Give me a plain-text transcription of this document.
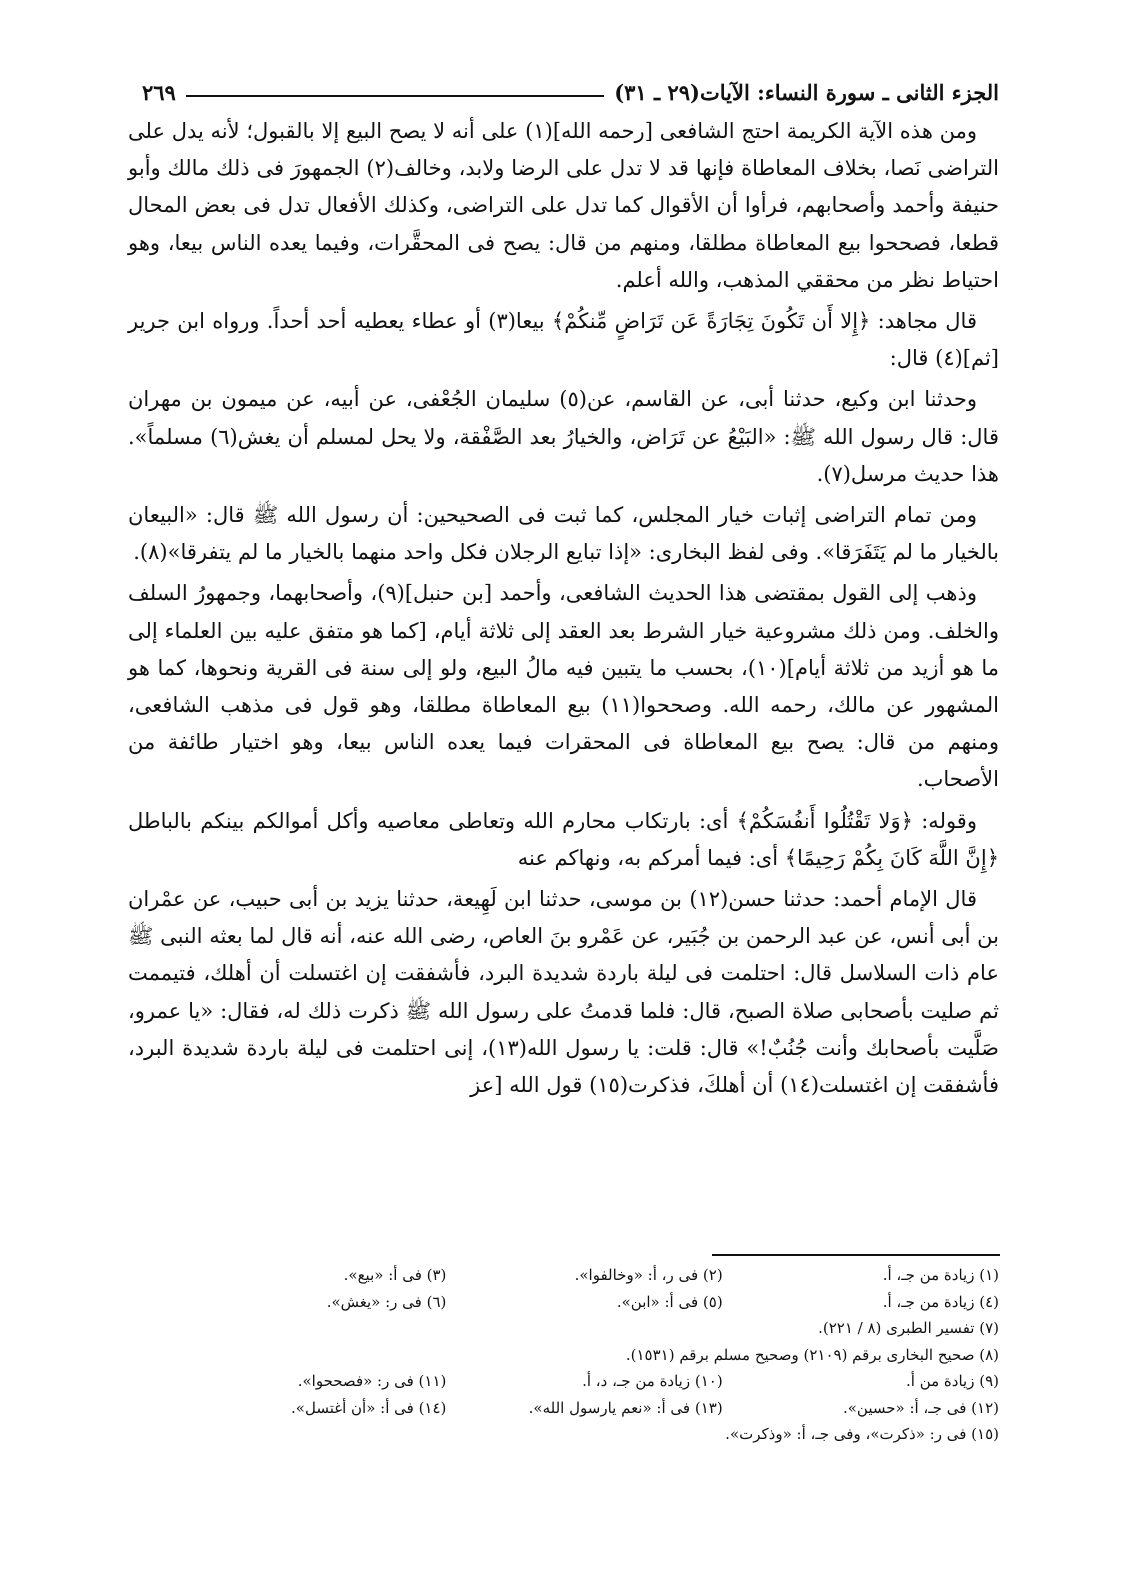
الجزء الثانى ـ سورة النساء: الآيات(٢٩ ـ ٣١)
٢٦٩

ومن هذه الآية الكريمة احتج الشافعى [رحمه الله](١) على أنه لا يصح البيع إلا بالقبول؛ لأنه يدل على التراضى نَصا، بخلاف المعاطاة فإنها قد لا تدل على الرضا ولابد، وخالف(٢) الجمهورَ فى ذلك مالك وأبو حنيفة وأحمد وأصحابهم، فرأوا أن الأقوال كما تدل على التراضى، وكذلك الأفعال تدل فى بعض المحال قطعا، فصححوا بيع المعاطاة مطلقا، ومنهم من قال: يصح فى المحقَّرات، وفيما يعده الناس بيعا، وهو احتياط نظر من محققي المذهب، والله أعلم.

قال مجاهد: ﴿إِلا أَن تَكُونَ تِجَارَةً عَن تَرَاضٍ مِّنكُمْ﴾ بيعا(٣) أو عطاء يعطيه أحد أحداً. ورواه ابن جرير [ثم](٤) قال:

وحدثنا ابن وكيع، حدثنا أبى، عن القاسم، عن(٥) سليمان الجُعْفى، عن أبيه، عن ميمون بن مهران قال: قال رسول الله ﷺ: «البَيْعُ عن تَرَاض، والخيارُ بعد الصَّفْقة، ولا يحل لمسلم أن يغش(٦) مسلماً». هذا حديث مرسل(٧).

ومن تمام التراضى إثبات خيار المجلس، كما ثبت فى الصحيحين: أن رسول الله ﷺ قال: «البيعان بالخيار ما لم يَتَفَرَقا». وفى لفظ البخارى: «إذا تبايع الرجلان فكل واحد منهما بالخيار ما لم يتفرقا»(٨).

وذهب إلى القول بمقتضى هذا الحديث الشافعى، وأحمد [بن حنبل](٩)، وأصحابهما، وجمهورُ السلف والخلف. ومن ذلك مشروعية خيار الشرط بعد العقد إلى ثلاثة أيام، [كما هو متفق عليه بين العلماء إلى ما هو أزيد من ثلاثة أيام](١٠)، بحسب ما يتبين فيه مالُ البيع، ولو إلى سنة فى القرية ونحوها، كما هو المشهور عن مالك، رحمه الله. وصححوا(١١) بيع المعاطاة مطلقا، وهو قول فى مذهب الشافعى، ومنهم من قال: يصح بيع المعاطاة فى المحقرات فيما يعده الناس بيعا، وهو اختيار طائفة من الأصحاب.

وقوله: ﴿وَلا تَقْتُلُوا أَنفُسَكُمْ﴾ أى: بارتكاب محارم الله وتعاطى معاصيه وأكل أموالكم بينكم بالباطل ﴿إِنَّ اللَّهَ كَانَ بِكُمْ رَحِيمًا﴾ أى: فيما أمركم به، ونهاكم عنه

قال الإمام أحمد: حدثنا حسن(١٢) بن موسى، حدثنا ابن لَهِيعة، حدثنا يزيد بن أبى حبيب، عن عمْران بن أبى أنس، عن عبد الرحمن بن جُبَير، عن عَمْرو بنَ العاص، رضى الله عنه، أنه قال لما بعثه النبى ﷺ عام ذات السلاسل قال: احتلمت فى ليلة باردة شديدة البرد، فأشفقت إن اغتسلت أن أهلك، فتيممت ثم صليت بأصحابى صلاة الصبح، قال: فلما قدمتُ على رسول الله ﷺ ذكرت ذلك له، فقال: «يا عمرو، صَلَّيت بأصحابك وأنت جُنُبٌ!» قال: قلت: يا رسول الله(١٣)، إنى احتلمت فى ليلة باردة شديدة البرد، فأشفقت إن اغتسلت(١٤) أن أهلكَ، فذكرت(١٥) قول الله [عز

(١) زيادة من جـ، أ.
(٢) فى ر، أ: «وخالفوا».
(٣) فى أ: «بيع».
(٤) زيادة من جـ، أ.
(٥) فى أ: «ابن».
(٦) فى ر: «يغش».
(٧) تفسير الطبرى (٨ / ٢٢١).
(٨) صحيح البخارى برقم (٢١٠٩) وصحيح مسلم برقم (١٥٣١).
(٩) زيادة من أ.
(١٠) زيادة من جـ، د، أ.
(١١) فى ر: «فصححوا».
(١٢) فى جـ، أ: «حسين».
(١٣) فى أ: «نعم يارسول الله».
(١٤) فى أ: «أن أغتسل».
(١٥) فى ر: «ذكرت»، وفى جـ، أ: «وذكرت».
